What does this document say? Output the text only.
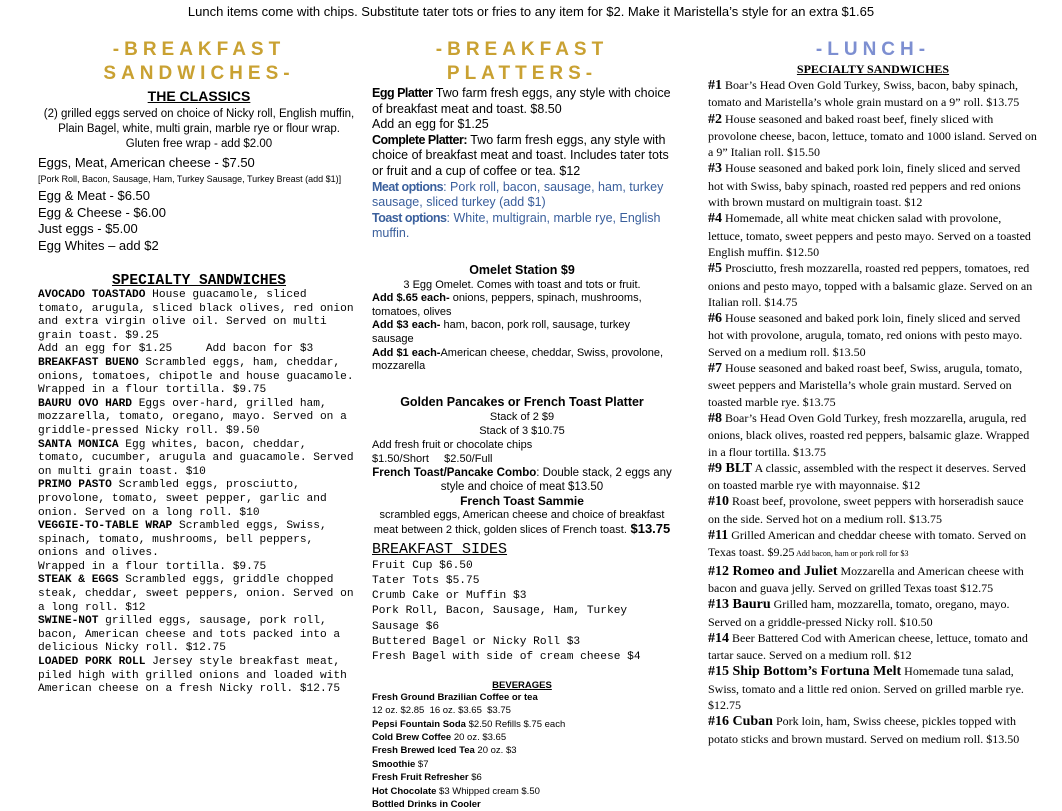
Lunch items come with chips. Substitute tater tots or fries to any item for $2. Make it Maristella’s style for an extra $1.65
-BREAKFAST
SANDWICHES-
THE CLASSICS
(2) grilled eggs served on choice of Nicky roll, English muffin, Plain Bagel, white, multi grain, marble rye or flour wrap.
Gluten free wrap - add $2.00
Eggs, Meat, American cheese - $7.50
[Pork Roll, Bacon, Sausage, Ham, Turkey Sausage, Turkey Breast (add $1)]
Egg & Meat - $6.50
Egg & Cheese - $6.00
Just eggs - $5.00
Egg Whites – add $2
SPECIALTY SANDWICHES

AVOCADO TOASTADO House guacamole, sliced tomato, arugula, sliced black olives, red onion and extra virgin olive oil. Served on multi grain toast. $9.25

Add an egg for $1.25     Add bacon for $3

BREAKFAST BUENO Scrambled eggs, ham, cheddar, onions, tomatoes, chipotle and house guacamole. Wrapped in a flour tortilla. $9.75

BAURU OVO HARD Eggs over-hard, grilled ham, mozzarella, tomato, oregano, mayo. Served on a griddle-pressed Nicky roll. $9.50

SANTA MONICA Egg whites, bacon, cheddar, tomato, cucumber, arugula and guacamole. Served on multi grain toast. $10

PRIMO PASTO Scrambled eggs, prosciutto, provolone, tomato, sweet pepper, garlic and onion. Served on a long roll. $10

VEGGIE-TO-TABLE WRAP Scrambled eggs, Swiss, spinach, tomato, mushrooms, bell peppers, onions and olives.

Wrapped in a flour tortilla. $9.75

STEAK & EGGS Scrambled eggs, griddle chopped steak, cheddar, sweet peppers, onion. Served on a long roll. $12

SWINE-NOT grilled eggs, sausage, pork roll, bacon, American cheese and tots packed into a delicious Nicky roll. $12.75

LOADED PORK ROLL Jersey style breakfast meat, piled high with grilled onions and loaded with American cheese on a fresh Nicky roll. $12.75

-BREAKFAST
PLATTERS-

Egg Platter Two farm fresh eggs, any style with choice of breakfast meat and toast. $8.50

Add an egg for $1.25

Complete Platter: Two farm fresh eggs, any style with choice of breakfast meat and toast. Includes tater tots or fruit and a cup of coffee or tea. $12

Meat options: Pork roll, bacon, sausage, ham, turkey sausage, sliced turkey (add $1)

Toast options: White, multigrain, marble rye, English muffin.

Omelet Station $9
3 Egg Omelet. Comes with toast and tots or fruit.

Add $.65 each- onions, peppers, spinach, mushrooms, tomatoes, olives

Add $3 each- ham, bacon, pork roll, sausage, turkey sausage

Add $1 each-American cheese, cheddar, Swiss, provolone, mozzarella

Golden Pancakes or French Toast Platter
Stack of 2 $9
Stack of 3 $10.75
Add fresh fruit or chocolate chips
$1.50/Short     $2.50/Full
French Toast/Pancake Combo: Double stack, 2 eggs any style and choice of meat $13.50
French Toast Sammie
scrambled eggs, American cheese and choice of breakfast meat between 2 thick, golden slices of French toast. $13.75
BREAKFAST SIDES

Fruit Cup $6.50

Tater Tots $5.75

Crumb Cake or Muffin $3

Pork Roll, Bacon, Sausage, Ham, Turkey Sausage $6

Buttered Bagel or Nicky Roll $3

Fresh Bagel with side of cream cheese $4

BEVERAGES

Fresh Ground Brazilian Coffee or tea

12 oz. $2.85  16 oz. $3.65  $3.75

Pepsi Fountain Soda $2.50 Refills $.75 each

Cold Brew Coffee 20 oz. $3.65

Fresh Brewed Iced Tea 20 oz. $3

Smoothie $7

Fresh Fruit Refresher $6

Hot Chocolate $3 Whipped cream $.50

Bottled Drinks in Cooler

-LUNCH-
SPECIALTY SANDWICHES

#1 Boar’s Head Oven Gold Turkey, Swiss, bacon, baby spinach, tomato and Maristella’s whole grain mustard on a 9” roll. $13.75

#2 House seasoned and baked roast beef, finely sliced with provolone cheese, bacon, lettuce, tomato and 1000 island. Served on a 9” Italian roll. $15.50

#3 House seasoned and baked pork loin, finely sliced and served hot with Swiss, baby spinach, roasted red peppers and red onions with brown mustard on multigrain toast. $12

#4 Homemade, all white meat chicken salad with provolone, lettuce, tomato, sweet peppers and pesto mayo. Served on a toasted English muffin. $12.50

#5 Prosciutto, fresh mozzarella, roasted red peppers, tomatoes, red onions and pesto mayo, topped with a balsamic glaze. Served on an Italian roll. $14.75

#6 House seasoned and baked pork loin, finely sliced and served hot with provolone, arugula, tomato, red onions with pesto mayo. Served on a medium roll. $13.50

#7 House seasoned and baked roast beef, Swiss, arugula, tomato, sweet peppers and Maristella’s whole grain mustard. Served on toasted marble rye. $13.75

#8 Boar’s Head Oven Gold Turkey, fresh mozzarella, arugula, red onions, black olives, roasted red peppers, balsamic glaze. Wrapped in a flour tortilla. $13.75

#9 BLT A classic, assembled with the respect it deserves. Served on toasted marble rye with mayonnaise. $12

#10 Roast beef, provolone, sweet peppers with horseradish sauce on the side. Served hot on a medium roll. $13.75

#11 Grilled American and cheddar cheese with tomato. Served on Texas toast. $9.25 Add bacon, ham or pork roll for $3

#12 Romeo and Juliet Mozzarella and American cheese with bacon and guava jelly. Served on grilled Texas toast $12.75

#13 Bauru Grilled ham, mozzarella, tomato, oregano, mayo. Served on a griddle-pressed Nicky roll. $10.50

#14 Beer Battered Cod with American cheese, lettuce, tomato and tartar sauce. Served on a medium roll. $12

#15 Ship Bottom’s Fortuna Melt Homemade tuna salad, Swiss, tomato and a little red onion. Served on grilled marble rye. $12.75

#16 Cuban Pork loin, ham, Swiss cheese, pickles topped with potato sticks and brown mustard. Served on medium roll. $13.50
